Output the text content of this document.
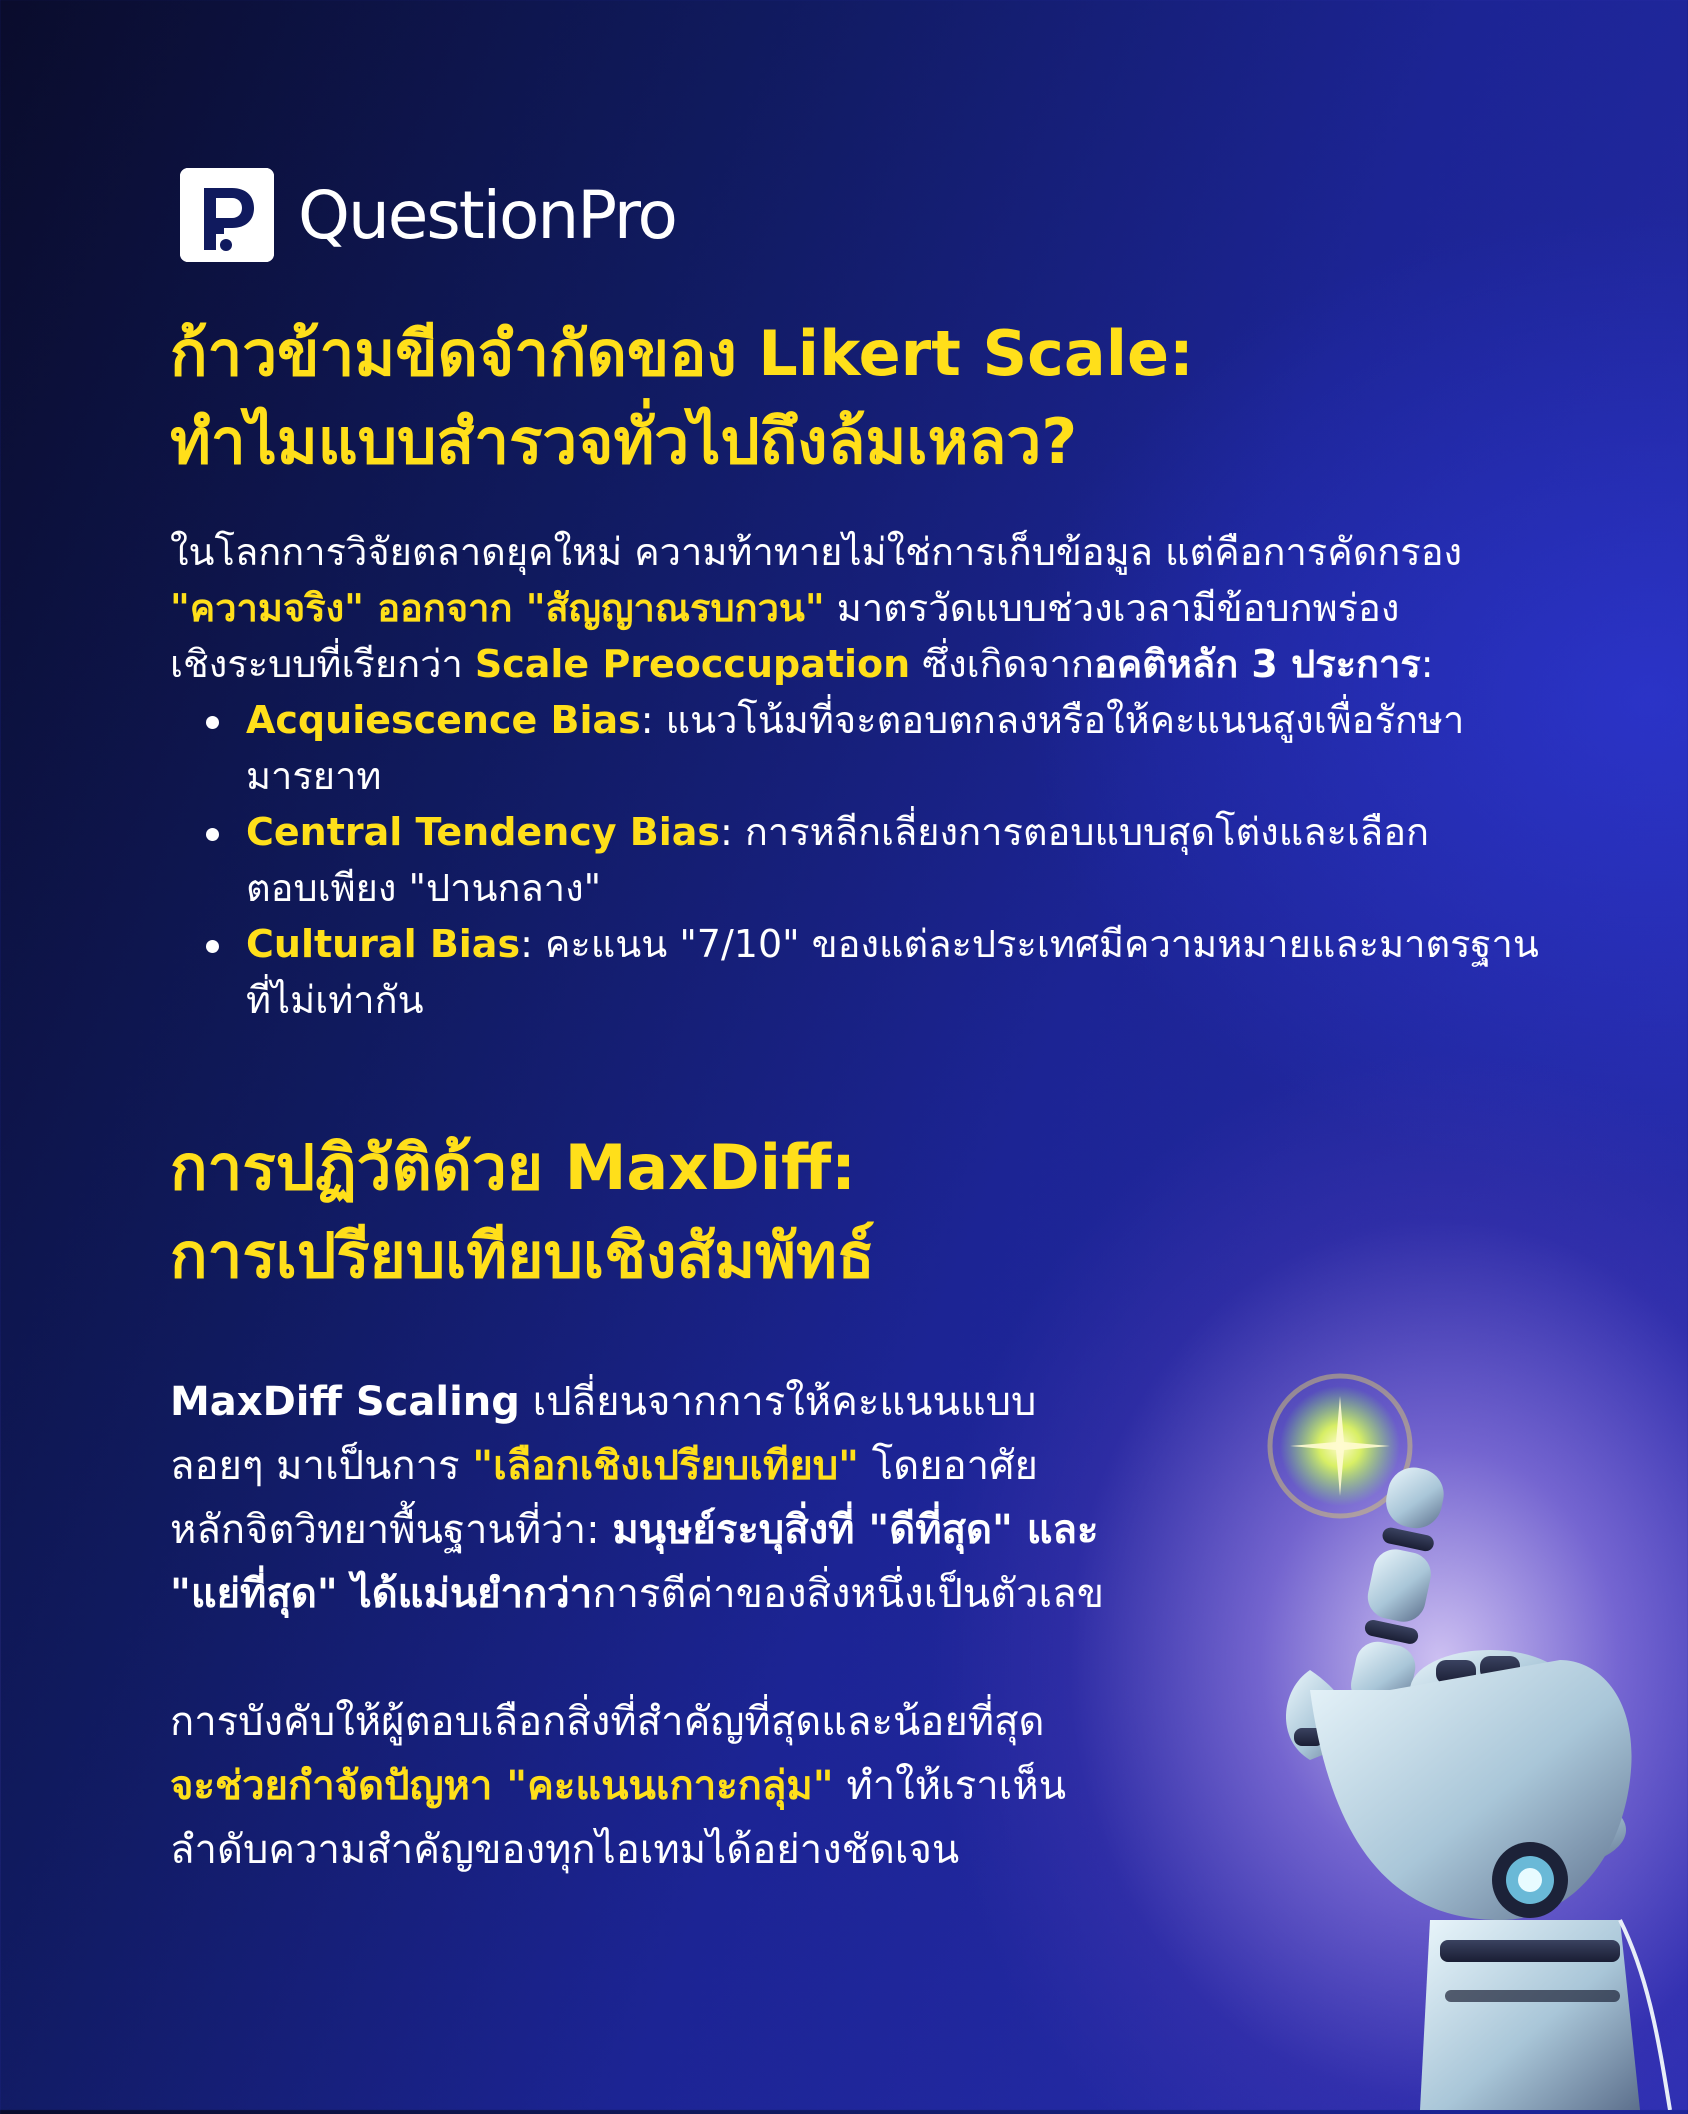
QuestionPro
ก้าวข้ามขีดจำกัดของ Likert Scale:
ทำไมแบบสำรวจทั่วไปถึงล้มเหลว?

ในโลกการวิจัยตลาดยุคใหม่ ความท้าทายไม่ใช่การเก็บข้อมูล แต่คือการคัดกรอง
"ความจริง" ออกจาก "สัญญาณรบกวน" มาตรวัดแบบช่วงเวลามีข้อบกพร่อง
เชิงระบบที่เรียกว่า Scale Preoccupation ซึ่งเกิดจากอคติหลัก 3 ประการ:

Acquiescence Bias: แนวโน้มที่จะตอบตกลงหรือให้คะแนนสูงเพื่อรักษา
มารยาท
Central Tendency Bias: การหลีกเลี่ยงการตอบแบบสุดโต่งและเลือก
ตอบเพียง "ปานกลาง"
Cultural Bias: คะแนน "7/10" ของแต่ละประเทศมีความหมายและมาตรฐาน
ที่ไม่เท่ากัน
การปฏิวัติด้วย MaxDiff:
การเปรียบเทียบเชิงสัมพัทธ์

MaxDiff Scaling เปลี่ยนจากการให้คะแนนแบบ
ลอยๆ มาเป็นการ "เลือกเชิงเปรียบเทียบ" โดยอาศัย
หลักจิตวิทยาพื้นฐานที่ว่า: มนุษย์ระบุสิ่งที่ "ดีที่สุด" และ
"แย่ที่สุด" ได้แม่นยำกว่าการตีค่าของสิ่งหนึ่งเป็นตัวเลข

การบังคับให้ผู้ตอบเลือกสิ่งที่สำคัญที่สุดและน้อยที่สุด
จะช่วยกำจัดปัญหา "คะแนนเกาะกลุ่ม" ทำให้เราเห็น
ลำดับความสำคัญของทุกไอเทมได้อย่างชัดเจน
